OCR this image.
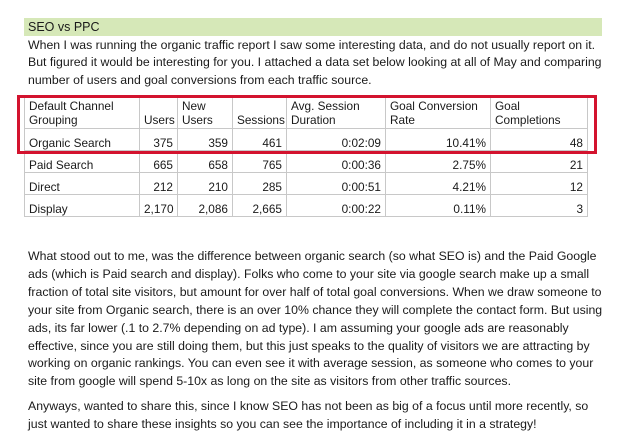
SEO vs PPC
When I was running the organic traffic report I saw some interesting data, and do not usually report on it. But figured it would be interesting for you. I attached a data set below looking at all of May and comparing number of users and goal conversions from each traffic source.
Default Channel Grouping	Users	New Users	Sessions	Avg. Session Duration	Goal Conversion Rate	Goal Completions
Organic Search	375	359	461	0:02:09	10.41%	48
Paid Search	665	658	765	0:00:36	2.75%	21
Direct	212	210	285	0:00:51	4.21%	12
Display	2,170	2,086	2,665	0:00:22	0.11%	3
What stood out to me, was the difference between organic search (so what SEO is) and the Paid Google ads (which is Paid search and display). Folks who come to your site via google search make up a small fraction of total site visitors, but amount for over half of total goal conversions. When we draw someone to your site from Organic search, there is an over 10% chance they will complete the contact form. But using ads, its far lower (.1 to 2.7% depending on ad type). I am assuming your google ads are reasonably effective, since you are still doing them, but this just speaks to the quality of visitors we are attracting by working on organic rankings. You can even see it with average session, as someone who comes to your site from google will spend 5-10x as long on the site as visitors from other traffic sources.
Anyways, wanted to share this, since I know SEO has not been as big of a focus until more recently, so just wanted to share these insights so you can see the importance of including it in a strategy!
